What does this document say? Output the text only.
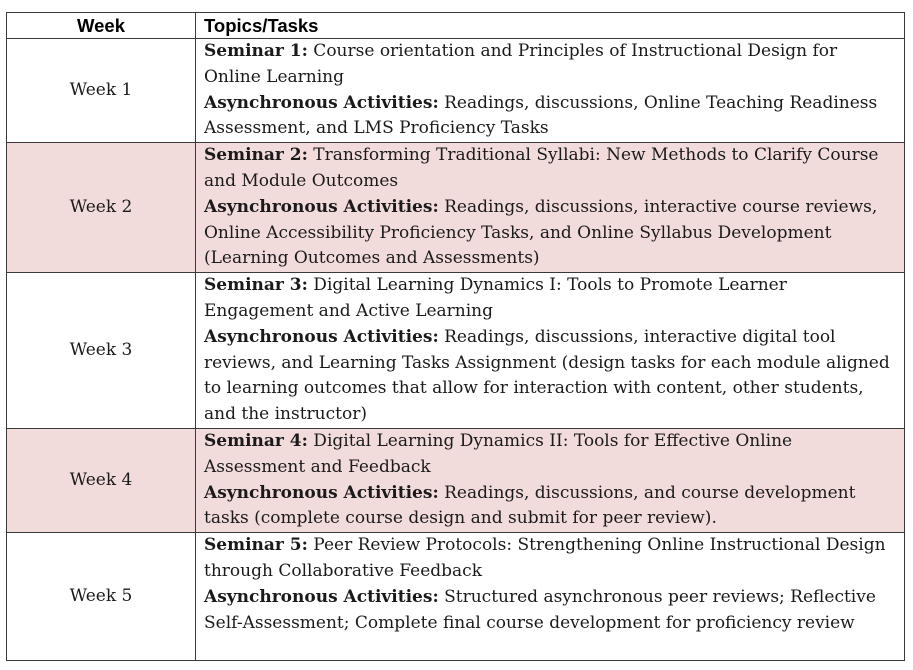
Week	Topics/Tasks
Week 1	Seminar 1: Course orientation and Principles of Instructional Design for Online Learning
Asynchronous Activities: Readings, discussions, Online Teaching Readiness Assessment, and LMS Proficiency Tasks

Week 2	Seminar 2: Transforming Traditional Syllabi: New Methods to Clarify Course and Module Outcomes
Asynchronous Activities: Readings, discussions, interactive course reviews, Online Accessibility Proficiency Tasks, and Online Syllabus Development (Learning Outcomes and Assessments)

Week 3	Seminar 3: Digital Learning Dynamics I: Tools to Promote Learner Engagement and Active Learning
Asynchronous Activities: Readings, discussions, interactive digital tool reviews, and Learning Tasks Assignment (design tasks for each module aligned to learning outcomes that allow for interaction with content, other students, and the instructor)

Week 4	Seminar 4: Digital Learning Dynamics II: Tools for Effective Online Assessment and Feedback
Asynchronous Activities: Readings, discussions, and course development tasks (complete course design and submit for peer review).

Week 5	Seminar 5: Peer Review Protocols: Strengthening Online Instructional Design through Collaborative Feedback
Asynchronous Activities: Structured asynchronous peer reviews; Reflective Self-Assessment; Complete final course development for proficiency review
